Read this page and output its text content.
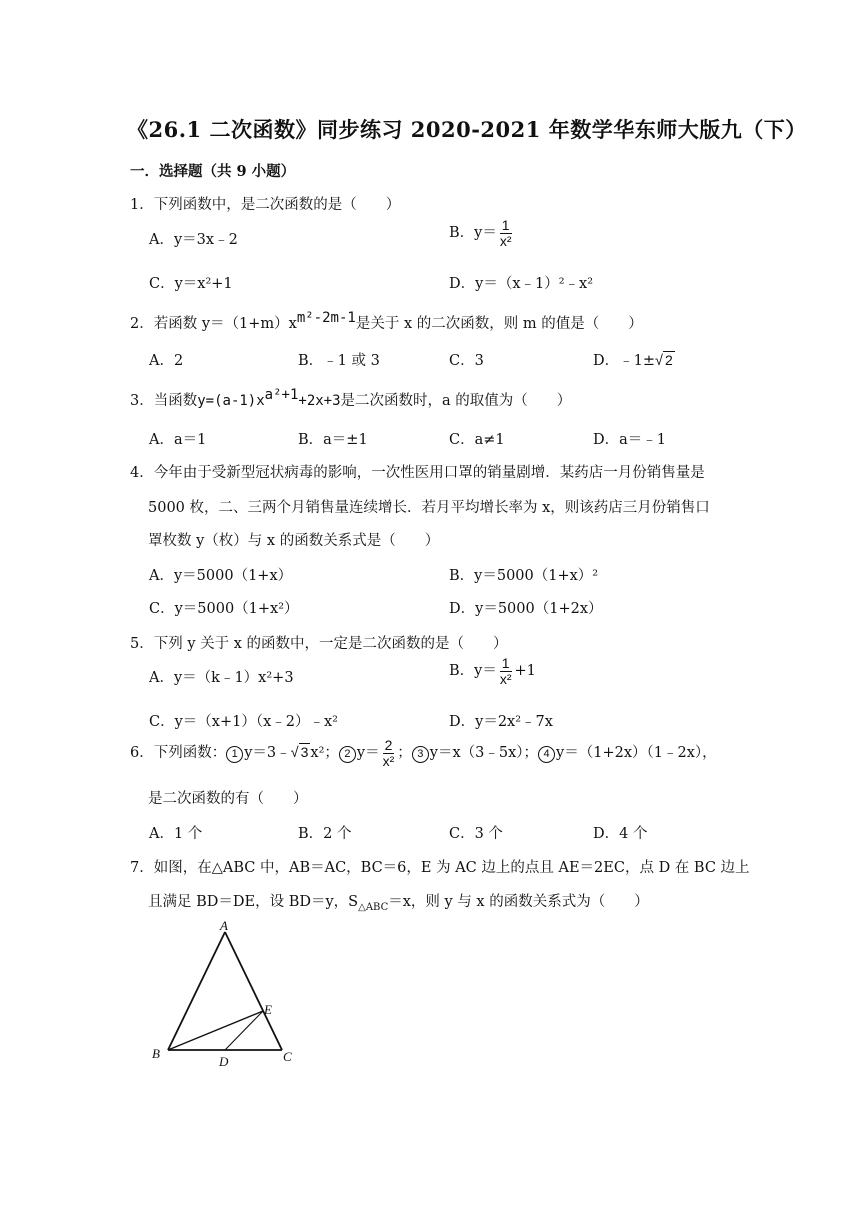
《26.1 二次函数》同步练习 2020-2021 年数学华东师大版九（下）
一．选择题（共 9 小题）
1．下列函数中，是二次函数的是（　　）
A．y＝3x﹣2	B．$y= \frac{1}{\text{x²}}$
C．y＝x²+1	D．y＝（x﹣1）²﹣x²
2．若函数 $y=(1+m)x^{m^2-2m-1}$是关于 x 的二次函数，则 m 的值是（　　）
A．2	B．﹣1 或 3	C．3	D．﹣1±√ 2
3．当函数$y=(a-1)x^{a^2+1}+2x+3$是二次函数时，a 的取值为（　　）
A．a＝1	B．a＝±1	C．a≠1	D．a＝﹣1
4．今年由于受新型冠状病毒的影响，一次性医用口罩的销量剧增．某药店一月份销售量是
5000 枚，二、三两个月销售量连续增长．若月平均增长率为 x，则该药店三月份销售口
罩枚数 y（枚）与 x 的函数关系式是（　　）
A．y＝5000（1+x）	B．y＝5000（1+x）²
C．y＝5000（1+x²）	D．y＝5000（1+2x）
5．下列 y 关于 x 的函数中，一定是二次函数的是（　　）
A．y＝（k﹣1）x²+3	B．$y= \frac{1}{\text{x²}} +1$
C．y＝（x+1）（x﹣2）﹣x²	D．y＝2x²﹣7x
6．下列函数： 1 y＝3﹣√ 3 x²； 2 $y= \frac{2}{\text{x²}}$ ； 3 y＝x（3﹣5x）； 4 y＝（1+2x）（1﹣2x），
是二次函数的有（　　）
A．1 个	B．2 个	C．3 个	D．4 个
7．如图，在△ABC 中，AB＝AC，BC＝6，E 为 AC 边上的点且 AE＝2EC，点 D 在 BC 边上
且满足 BD＝DE，设 BD＝y，$S_{\triangle ABC}=x$，则 y 与 x 的函数关系式为（　　）
A
B	C
D
E
